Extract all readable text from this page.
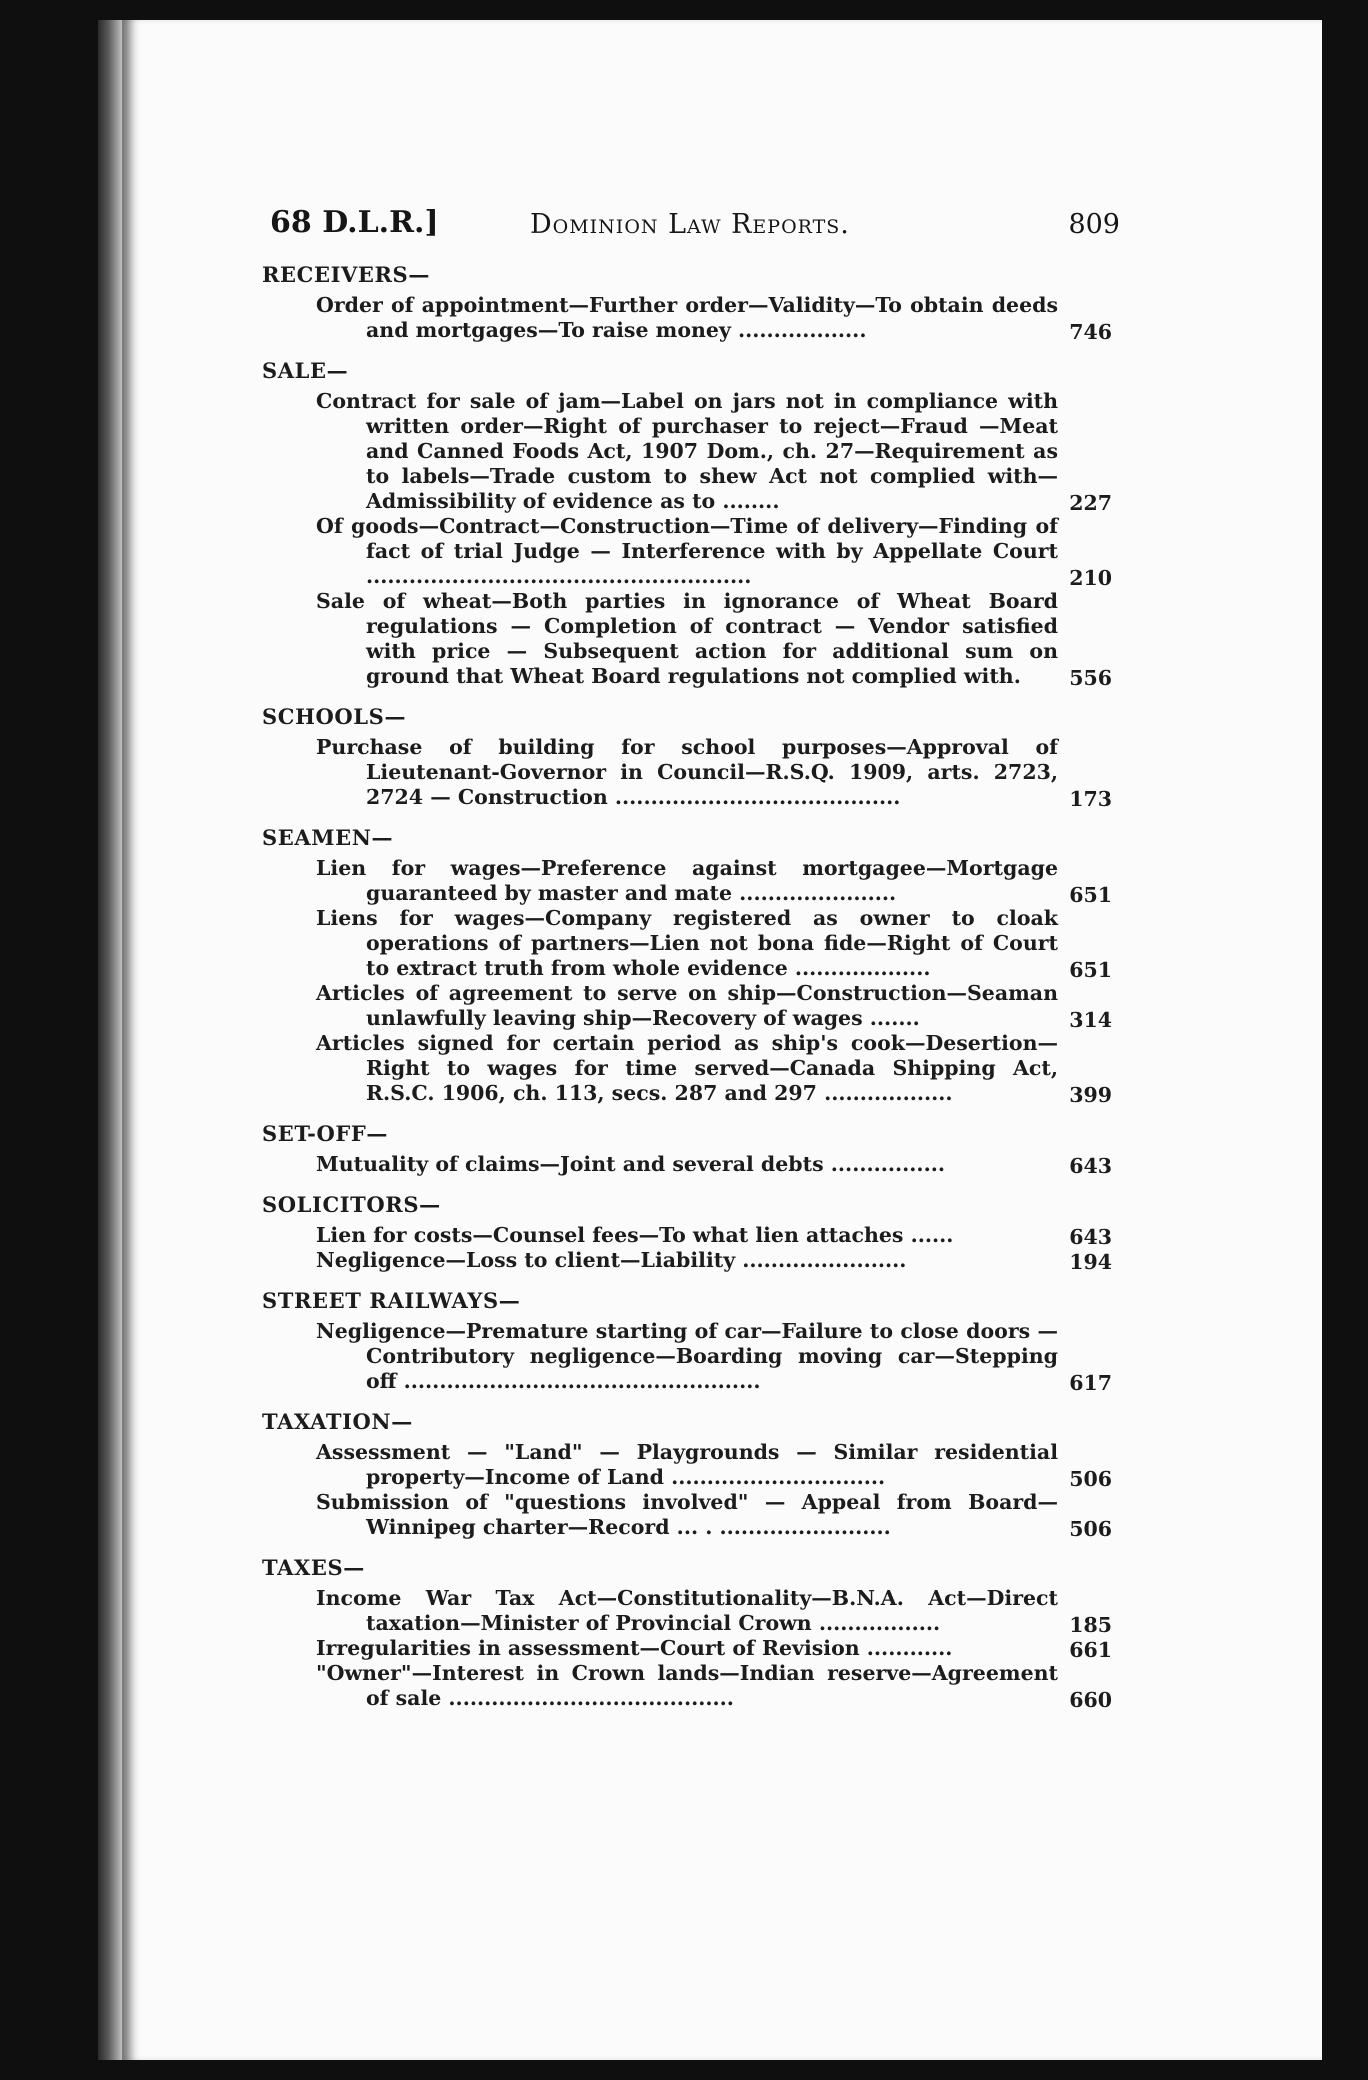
68 D.L.R.]	Dominion Law Reports.	809
RECEIVERS—
Order of appointment—Further order—Validity—To obtain deeds and mortgages—To raise money ..................	746
SALE—
Contract for sale of jam—Label on jars not in compliance with written order—Right of purchaser to reject—Fraud —Meat and Canned Foods Act, 1907 Dom., ch. 27—Requirement as to labels—Trade custom to shew Act not complied with—Admissibility of evidence as to ........	227
Of goods—Contract—Construction—Time of delivery—Finding of fact of trial Judge — Interference with by Appellate Court ......................................................	210
Sale of wheat—Both parties in ignorance of Wheat Board regulations — Completion of contract — Vendor satisfied with price — Subsequent action for additional sum on ground that Wheat Board regulations not complied with. 556
SCHOOLS—
Purchase of building for school purposes—Approval of Lieutenant-Governor in Council—R.S.Q. 1909, arts. 2723, 2724 — Construction ........................................	173
SEAMEN—
Lien for wages—Preference against mortgagee—Mortgage guaranteed by master and mate ......................	651
Liens for wages—Company registered as owner to cloak operations of partners—Lien not bona fide—Right of Court to extract truth from whole evidence ...................	651
Articles of agreement to serve on ship—Construction—Seaman unlawfully leaving ship—Recovery of wages .......	314
Articles signed for certain period as ship's cook—Desertion—Right to wages for time served—Canada Shipping Act, R.S.C. 1906, ch. 113, secs. 287 and 297 ..................	399
SET-OFF—
Mutuality of claims—Joint and several debts ................	643
SOLICITORS—
Lien for costs—Counsel fees—To what lien attaches ......	643
Negligence—Loss to client—Liability .......................	194
STREET RAILWAYS—
Negligence—Premature starting of car—Failure to close doors —Contributory negligence—Boarding moving car—Stepping off ..................................................	617
TAXATION—
Assessment — "Land" — Playgrounds — Similar residential property—Income of Land ..............................	506
Submission of "questions involved" — Appeal from Board—Winnipeg charter—Record ... . ........................	506
TAXES—
Income War Tax Act—Constitutionality—B.N.A. Act—Direct taxation—Minister of Provincial Crown .................	185
Irregularities in assessment—Court of Revision ............	661
"Owner"—Interest in Crown lands—Indian reserve—Agreement of sale ........................................	660
